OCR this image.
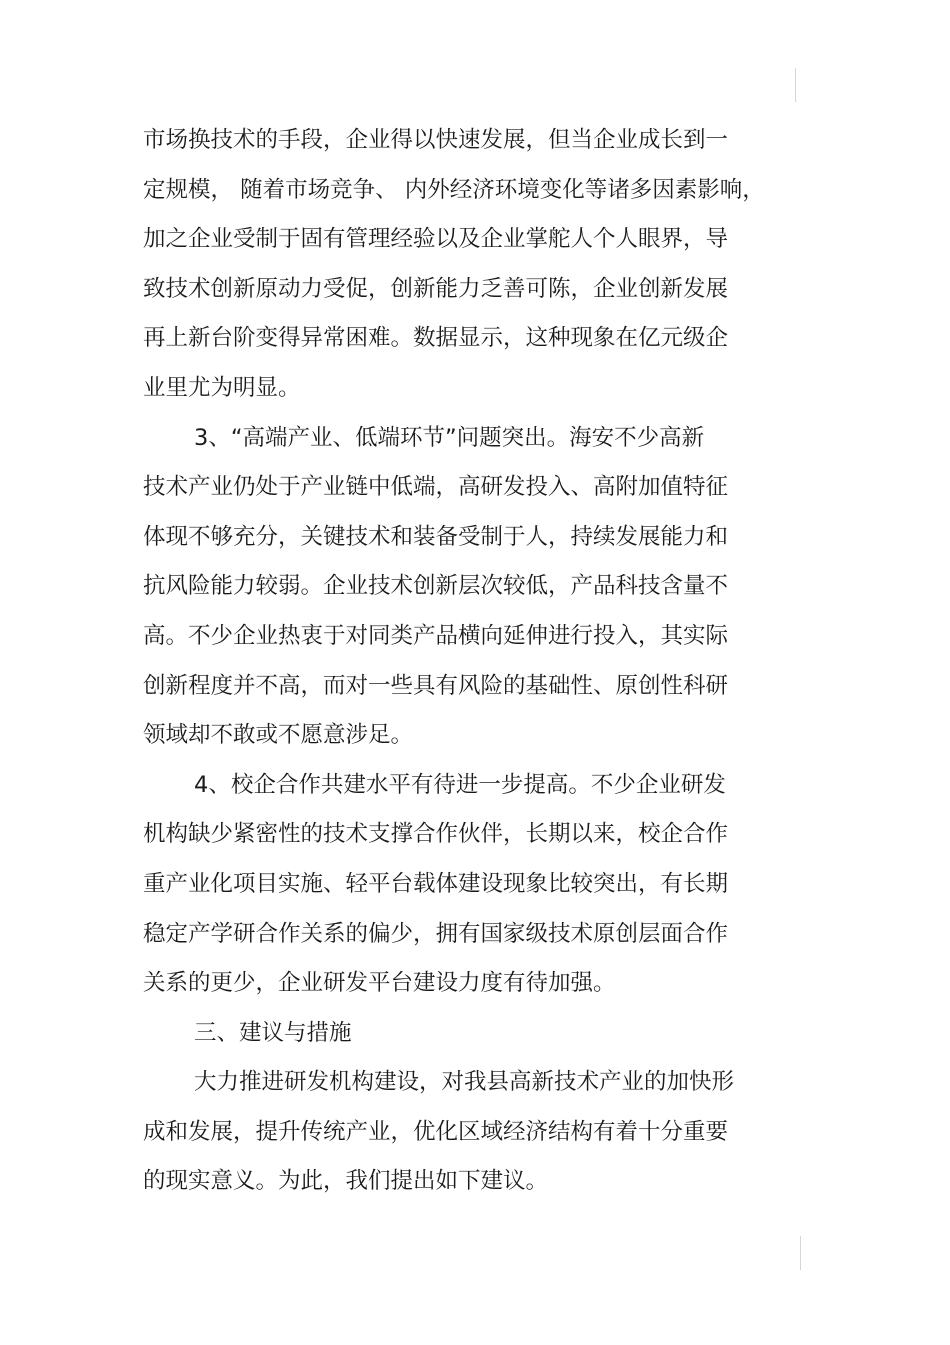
市场换技术的手段，企业得以快速发展，但当企业成长到一
定规模， 随着市场竞争、 内外经济环境变化等诸多因素影响，
加之企业受制于固有管理经验以及企业掌舵人个人眼界，导
致技术创新原动力受促，创新能力乏善可陈，企业创新发展
再上新台阶变得异常困难。数据显示，这种现象在亿元级企
业里尤为明显。
3、“高端产业、低端环节”问题突出。海安不少高新
技术产业仍处于产业链中低端，高研发投入、高附加值特征
体现不够充分，关键技术和装备受制于人，持续发展能力和
抗风险能力较弱。企业技术创新层次较低，产品科技含量不
高。不少企业热衷于对同类产品横向延伸进行投入，其实际
创新程度并不高，而对一些具有风险的基础性、原创性科研
领域却不敢或不愿意涉足。
4、校企合作共建水平有待进一步提高。不少企业研发
机构缺少紧密性的技术支撑合作伙伴，长期以来，校企合作
重产业化项目实施、轻平台载体建设现象比较突出，有长期
稳定产学研合作关系的偏少，拥有国家级技术原创层面合作
关系的更少，企业研发平台建设力度有待加强。
三、建议与措施
大力推进研发机构建设，对我县高新技术产业的加快形
成和发展，提升传统产业，优化区域经济结构有着十分重要
的现实意义。为此，我们提出如下建议。
